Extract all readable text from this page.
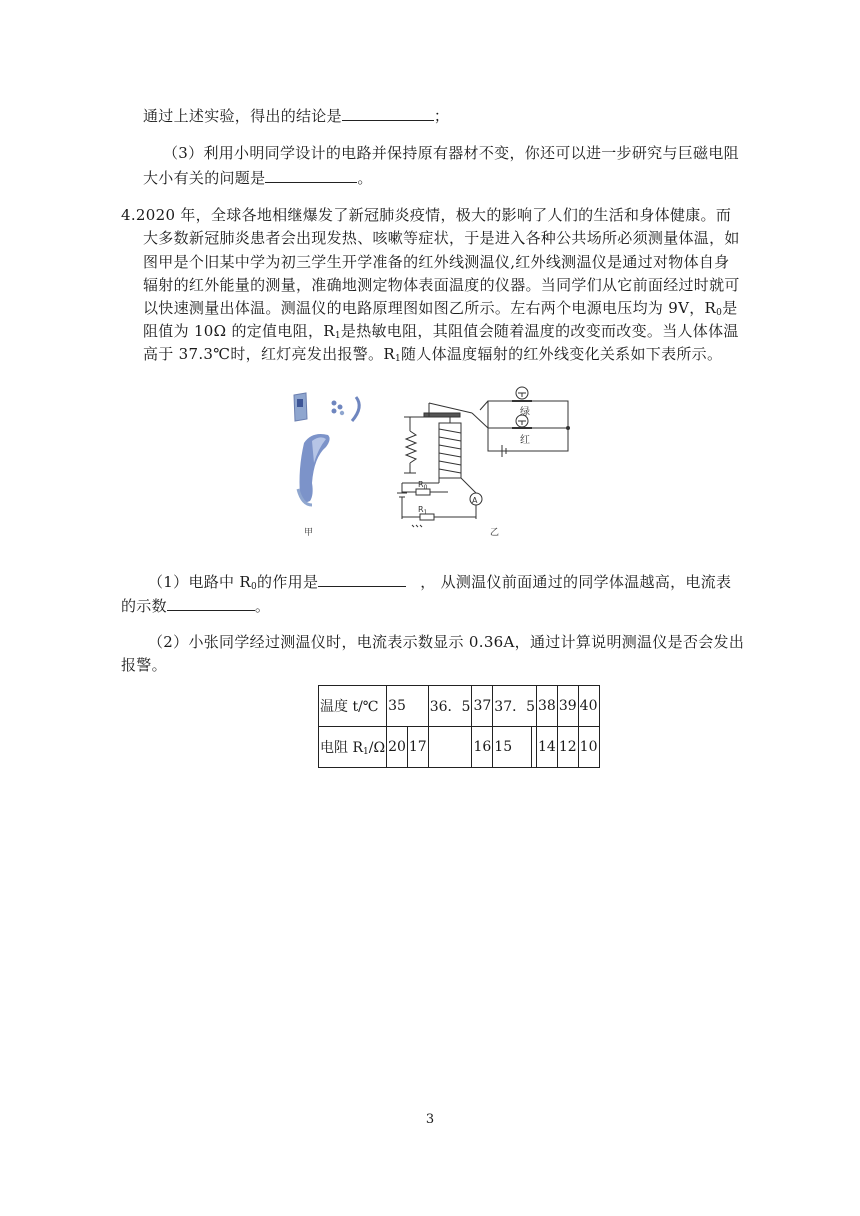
通过上述实验，得出的结论是	；
（3）利用小明同学设计的电路并保持原有器材不变，你还可以进一步研究与巨磁电阻
大小有关的问题是	。
4.2020 年，全球各地相继爆发了新冠肺炎疫情，极大的影响了人们的生活和身体健康。而
大多数新冠肺炎患者会出现发热、咳嗽等症状，于是进入各种公共场所必须测量体温，如
图甲是个旧某中学为初三学生开学准备的红外线测温仪,红外线测温仪是通过对物体自身
辐射的红外能量的测量，准确地测定物体表面温度的仪器。当同学们从它前面经过时就可
以快速测量出体温。测温仪的电路原理图如图乙所示。左右两个电源电压均为 9V，$R_0$是
阻值为 10Ω 的定值电阻，$R_1$是热敏电阻，其阻值会随着温度的改变而改变。当人体体温
高于 37.3℃时，红灯亮发出报警。$R_1$随人体温度辐射的红外线变化关系如下表所示。
甲
绿
红
A
$R_0$
$R_1$
乙
（1）电路中 $R_0$的作用是	， 从测温仪前面通过的同学体温越高，电流表
的示数	。
（2）小张同学经过测温仪时，电流表示数显示 0.36A，通过计算说明测温仪是否会发出
报警。
温度 t/℃	35		36．5	37	37．5		38	39	40
电阻 $R_1/\Omega$	20	17		16	15		14	12	10
3
